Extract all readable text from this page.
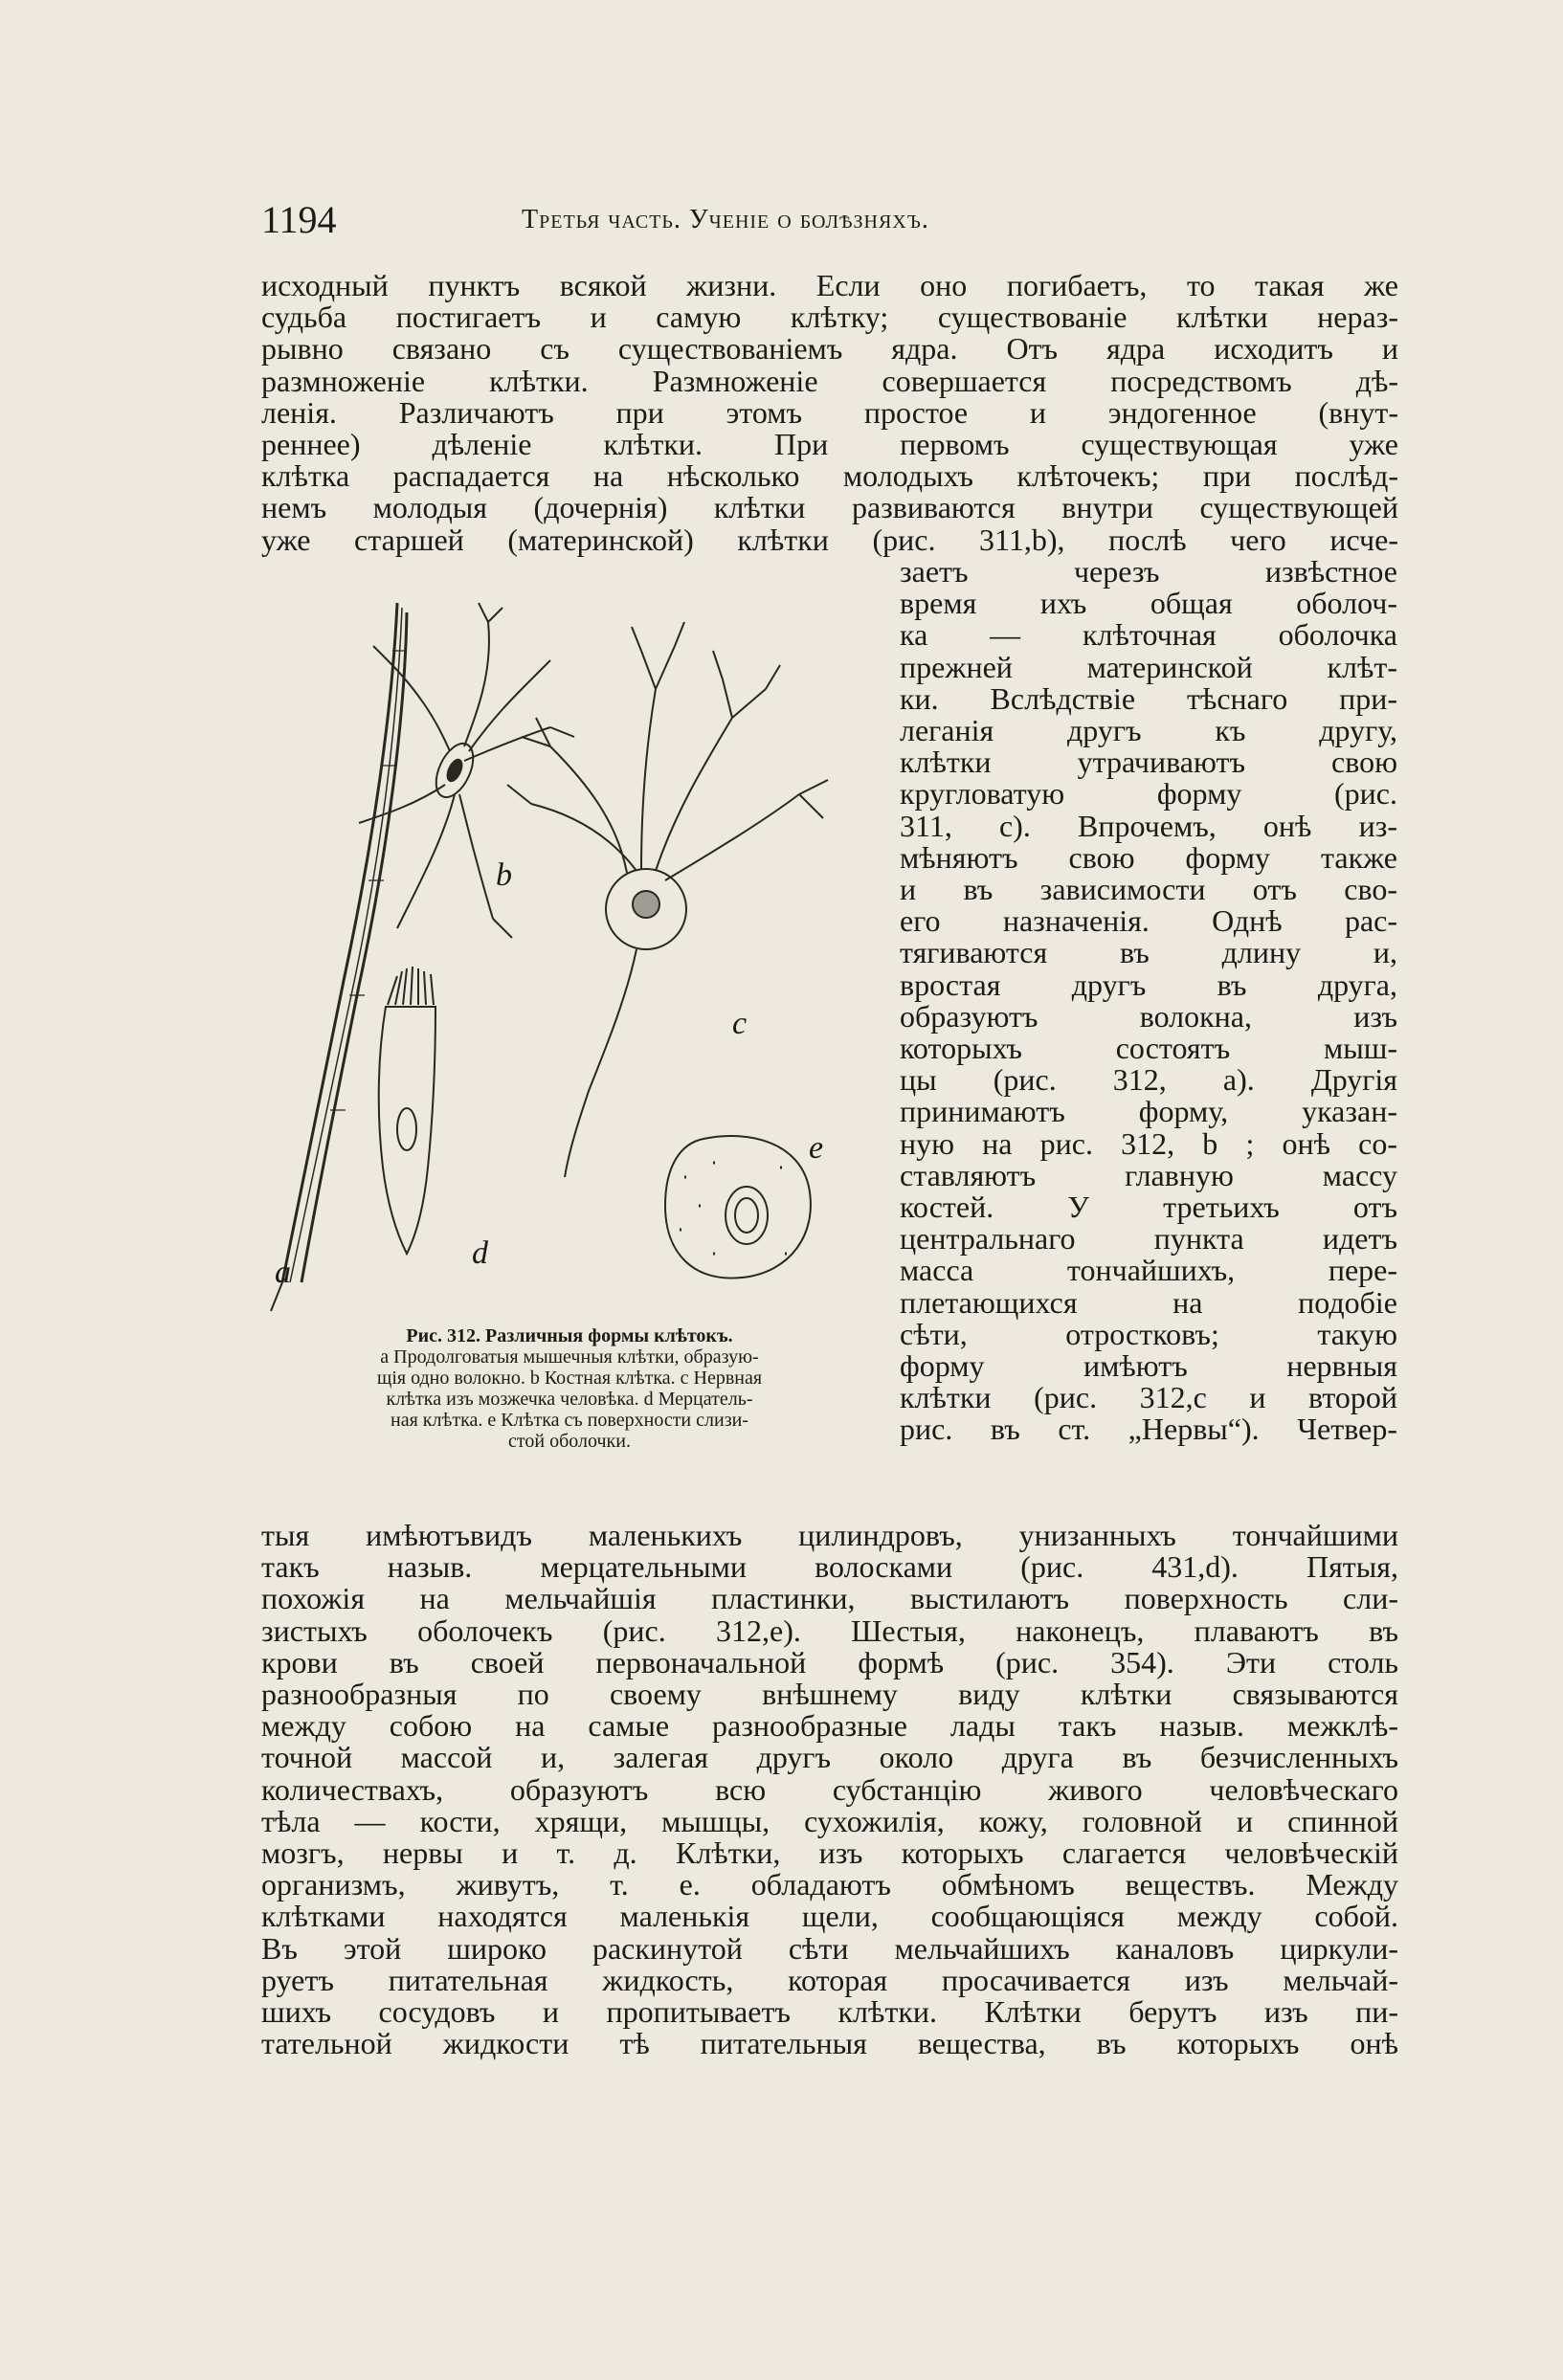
1194	Третья часть. Ученiе о болѣзняхъ.
исходный пунктъ всякой жизни. Если оно погибаетъ, то такая же
судьба постигаетъ и самую клѣтку; существованiе клѣтки нераз-
рывно связано съ существованiемъ ядра. Отъ ядра исходитъ и
размноженiе клѣтки. Размноженiе совершается посредствомъ дѣ-
ленiя. Различаютъ при этомъ простое и эндогенное (внут-
реннее) дѣленiе клѣтки. При первомъ существующая уже
клѣтка распадается на нѣсколько молодыхъ клѣточекъ; при послѣд-
немъ молодыя (дочернiя) клѣтки развиваются внутри существующей
уже старшей (материнской) клѣтки (рис. 311,b), послѣ чего исче-
заетъ черезъ извѣстное
время ихъ общая оболоч-
ка — клѣточная оболочка
прежней материнской клѣт-
ки. Вслѣдствiе тѣснаго при-
леганiя другъ къ другу,
клѣтки утрачиваютъ свою
кругловатую форму (рис.
311, с). Впрочемъ, онѣ из-
мѣняютъ свою форму также
и въ зависимости отъ сво-
его назначенiя. Однѣ рас-
тягиваются въ длину и,
вростая другъ въ друга,
образуютъ волокна, изъ
которыхъ состоятъ мыш-
цы (рис. 312, а). Другiя
принимаютъ форму, указан-
ную на рис. 312, b ; онѣ со-
ставляютъ главную массу
костей. У третьихъ отъ
центральнаго пункта идетъ
масса тончайшихъ, пере-
плетающихся на подобiе
сѣти, отростковъ; такую
форму имѣютъ нервныя
клѣтки (рис. 312,с и второй
рис. въ ст. „Нервы“). Четвер-
a
b
c
d
e
Рис. 312. Различныя формы клѣтокъ.
а Продолговатыя мышечныя клѣтки, образую-
щiя одно волокно. b Костная клѣтка. c Нервная
клѣтка изъ мозжечка человѣка. d Мерцатель-
ная клѣтка. е Клѣтка съ поверхности слизи-
стой оболочки.
тыя имѣютъвидъ маленькихъ цилиндровъ, унизанныхъ тончайшими
такъ назыв. мерцательными волосками (рис. 431,d). Пятыя,
похожiя на мельчайшiя пластинки, выстилаютъ поверхность сли-
зистыхъ оболочекъ (рис. 312,е). Шестыя, наконецъ, плаваютъ въ
крови въ своей первоначальной формѣ (рис. 354). Эти столь
разнообразныя по своему внѣшнему виду клѣтки связываются
между собою на самые разнообразные лады такъ назыв. межклѣ-
точной массой и, залегая другъ около друга въ безчисленныхъ
количествахъ, образуютъ всю субстанцiю живого человѣческаго
тѣла — кости, хрящи, мышцы, сухожилiя, кожу, головной и спинной
мозгъ, нервы и т. д. Клѣтки, изъ которыхъ слагается человѣческiй
организмъ, живутъ, т. е. обладаютъ обмѣномъ веществъ. Между
клѣтками находятся маленькiя щели, сообщающiяся между собой.
Въ этой широко раскинутой сѣти мельчайшихъ каналовъ циркули-
руетъ питательная жидкость, которая просачивается изъ мельчай-
шихъ сосудовъ и пропитываетъ клѣтки. Клѣтки берутъ изъ пи-
тательной жидкости тѣ питательныя вещества, въ которыхъ онѣ
